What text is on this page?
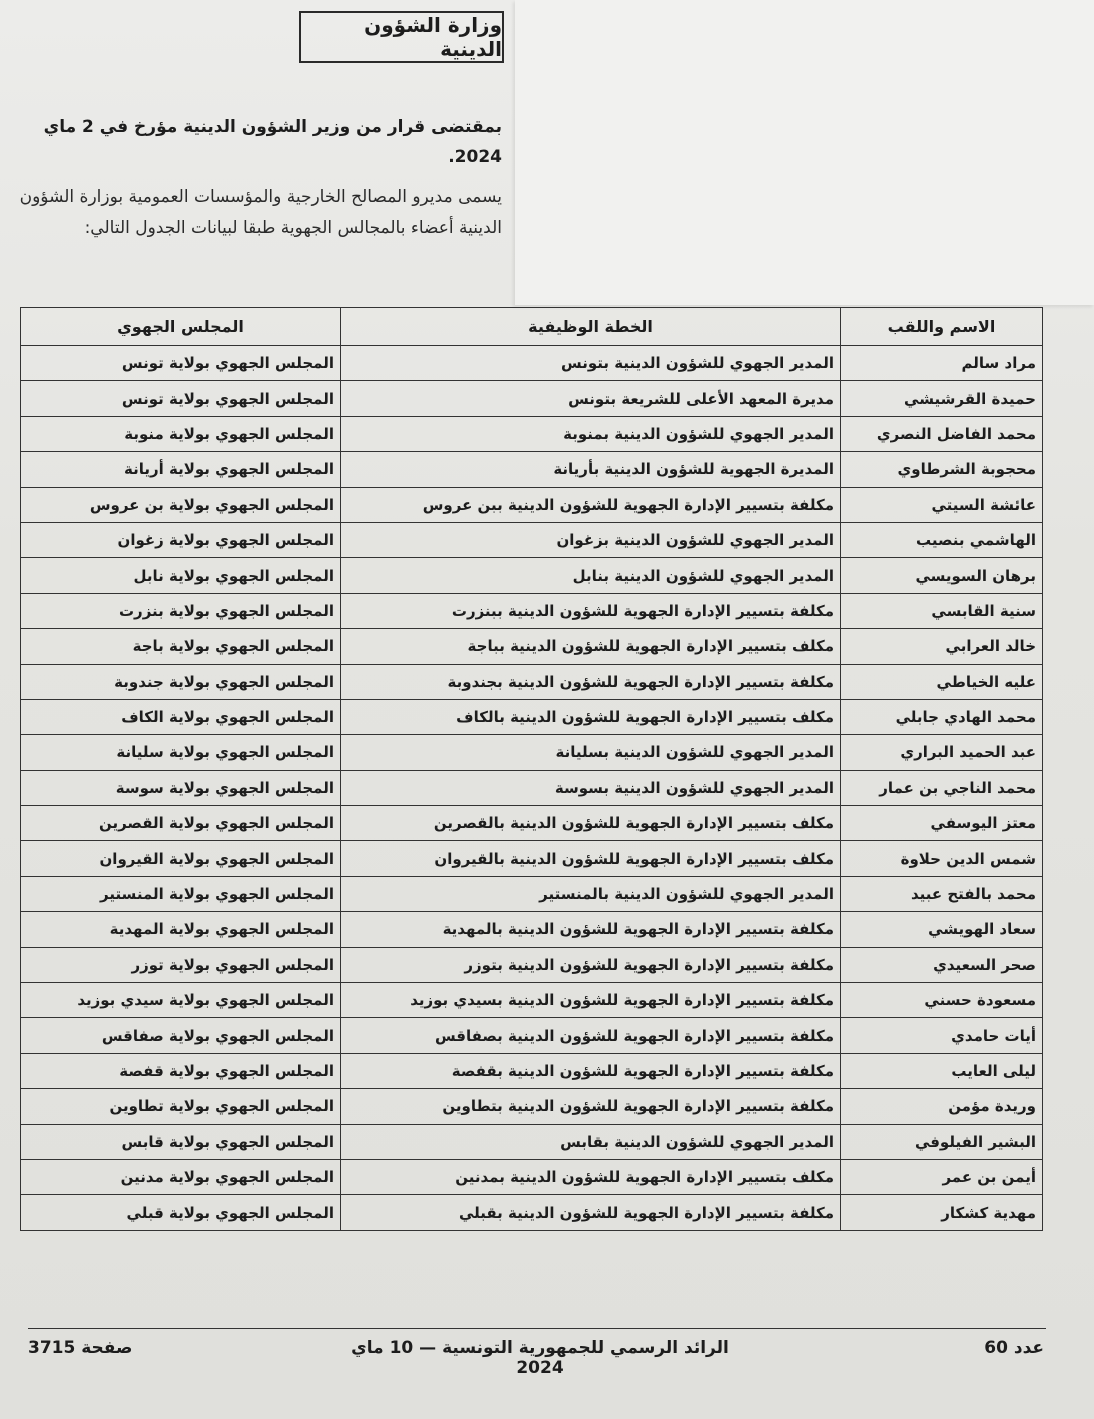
وزارة الشؤون الدينية
بمقتضى قرار من وزير الشؤون الدينية مؤرخ في 2 ماي 2024.
يسمى مديرو المصالح الخارجية والمؤسسات العمومية بوزارة الشؤون الدينية أعضاء بالمجالس الجهوية طبقا لبيانات الجدول التالي:
الاسم واللقب	الخطة الوظيفية	المجلس الجهوي
مراد سالم	المدير الجهوي للشؤون الدينية بتونس	المجلس الجهوي بولاية تونس
حميدة القرشيشي	مديرة المعهد الأعلى للشريعة بتونس	المجلس الجهوي بولاية تونس
محمد الفاضل النصري	المدير الجهوي للشؤون الدينية بمنوبة	المجلس الجهوي بولاية منوبة
محجوبة الشرطاوي	المديرة الجهوية للشؤون الدينية بأريانة	المجلس الجهوي بولاية أريانة
عائشة السيتي	مكلفة بتسيير الإدارة الجهوية للشؤون الدينية ببن عروس	المجلس الجهوي بولاية بن عروس
الهاشمي بنصيب	المدير الجهوي للشؤون الدينية بزغوان	المجلس الجهوي بولاية زغوان
برهان السويسي	المدير الجهوي للشؤون الدينية بنابل	المجلس الجهوي بولاية نابل
سنية القابسي	مكلفة بتسيير الإدارة الجهوية للشؤون الدينية ببنزرت	المجلس الجهوي بولاية بنزرت
خالد العرابي	مكلف بتسيير الإدارة الجهوية للشؤون الدينية بباجة	المجلس الجهوي بولاية باجة
عليه الخياطي	مكلفة بتسيير الإدارة الجهوية للشؤون الدينية بجندوبة	المجلس الجهوي بولاية جندوبة
محمد الهادي جابلي	مكلف بتسيير الإدارة الجهوية للشؤون الدينية بالكاف	المجلس الجهوي بولاية الكاف
عبد الحميد البراري	المدير الجهوي للشؤون الدينية بسليانة	المجلس الجهوي بولاية سليانة
محمد الناجي بن عمار	المدير الجهوي للشؤون الدينية بسوسة	المجلس الجهوي بولاية سوسة
معتز اليوسفي	مكلف بتسيير الإدارة الجهوية للشؤون الدينية بالقصرين	المجلس الجهوي بولاية القصرين
شمس الدين حلاوة	مكلف بتسيير الإدارة الجهوية للشؤون الدينية بالقيروان	المجلس الجهوي بولاية القيروان
محمد بالفتح عبيد	المدير الجهوي للشؤون الدينية بالمنستير	المجلس الجهوي بولاية المنستير
سعاد الهويشي	مكلفة بتسيير الإدارة الجهوية للشؤون الدينية بالمهدية	المجلس الجهوي بولاية المهدية
صحر السعيدي	مكلفة بتسيير الإدارة الجهوية للشؤون الدينية بتوزر	المجلس الجهوي بولاية توزر
مسعودة حسني	مكلفة بتسيير الإدارة الجهوية للشؤون الدينية بسيدي بوزيد	المجلس الجهوي بولاية سيدي بوزيد
أيات حامدي	مكلفة بتسيير الإدارة الجهوية للشؤون الدينية بصفاقس	المجلس الجهوي بولاية صفاقس
ليلى العايب	مكلفة بتسيير الإدارة الجهوية للشؤون الدينية بقفصة	المجلس الجهوي بولاية قفصة
وريدة مؤمن	مكلفة بتسيير الإدارة الجهوية للشؤون الدينية بتطاوين	المجلس الجهوي بولاية تطاوين
البشير الفيلوفي	المدير الجهوي للشؤون الدينية بقابس	المجلس الجهوي بولاية قابس
أيمن بن عمر	مكلف بتسيير الإدارة الجهوية للشؤون الدينية بمدنين	المجلس الجهوي بولاية مدنين
مهدية كشكار	مكلفة بتسيير الإدارة الجهوية للشؤون الدينية بقبلي	المجلس الجهوي بولاية قبلي
عدد 60
الرائد الرسمي للجمهورية التونسية — 10 ماي 2024
صفحة 3715
